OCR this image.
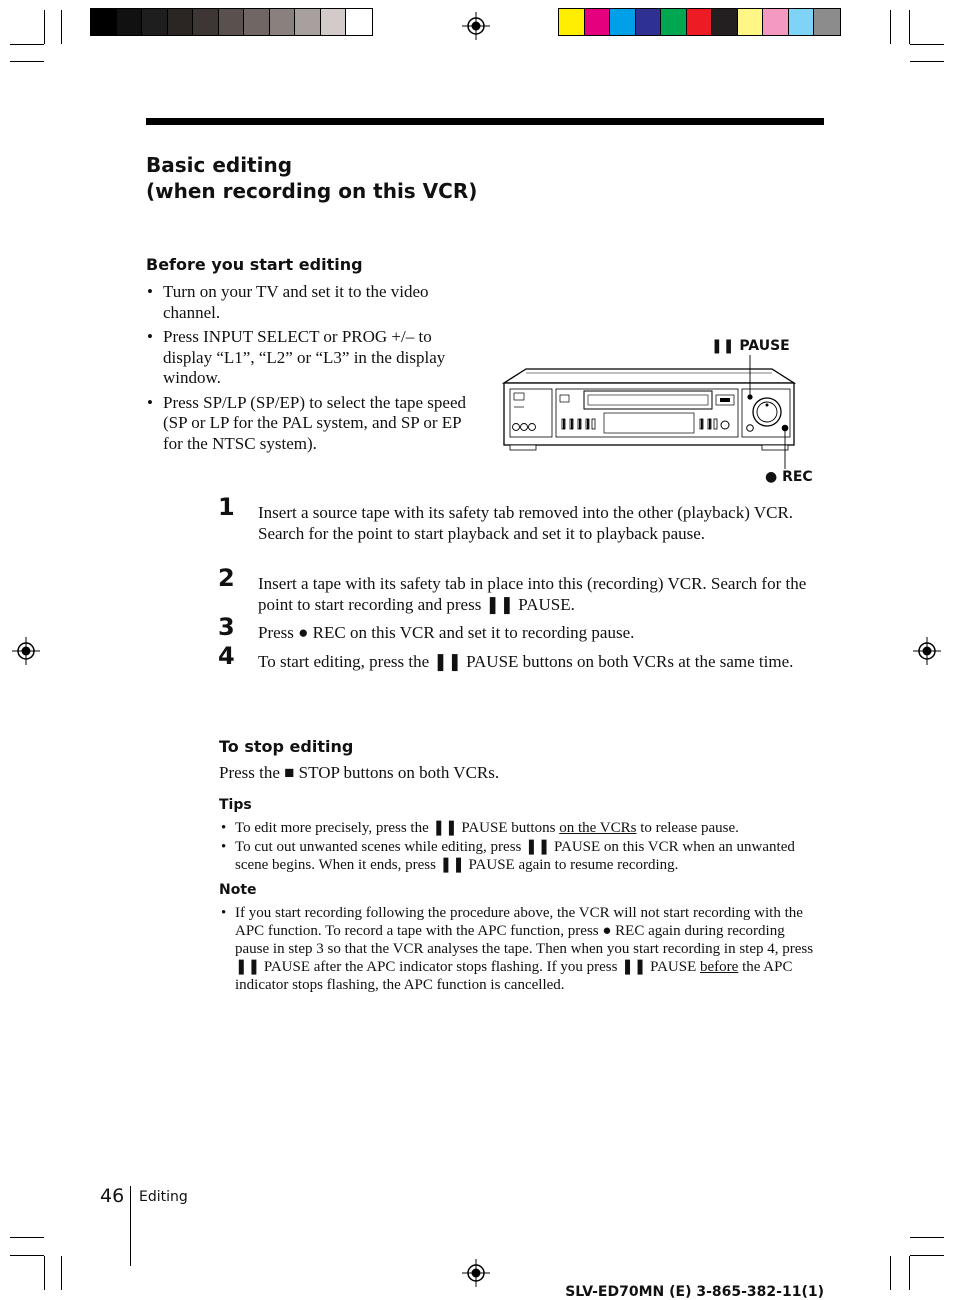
Basic editing
(when recording on this VCR)
Before you start editing
• Turn on your TV and set it to the video channel.
• Press INPUT SELECT or PROG +/– to display “L1”, “L2” or “L3” in the display window.
• Press SP/LP (SP/EP) to select the tape speed (SP or LP for the PAL system, and SP or EP for the NTSC system).
❚❚ PAUSE
● REC
1 Insert a source tape with its safety tab removed into the other (playback) VCR. Search for the point to start playback and set it to playback pause.
2 Insert a tape with its safety tab in place into this (recording) VCR. Search for the point to start recording and press ❚❚ PAUSE.
3 Press ● REC on this VCR and set it to recording pause.
4 To start editing, press the ❚❚ PAUSE buttons on both VCRs at the same time.
To stop editing
Press the ■ STOP buttons on both VCRs.
Tips
• To edit more precisely, press the ❚❚ PAUSE buttons on the VCRs to release pause.
• To cut out unwanted scenes while editing, press ❚❚ PAUSE on this VCR when an unwanted scene begins. When it ends, press ❚❚ PAUSE again to resume recording.
Note
• If you start recording following the procedure above, the VCR will not start recording with the APC function. To record a tape with the APC function, press ● REC again during recording pause in step 3 so that the VCR analyses the tape. Then when you start recording in step 4, press ❚❚ PAUSE after the APC indicator stops flashing. If you press ❚❚ PAUSE before the APC indicator stops flashing, the APC function is cancelled.
46 Editing
SLV-ED70MN (E) 3-865-382-11(1)
